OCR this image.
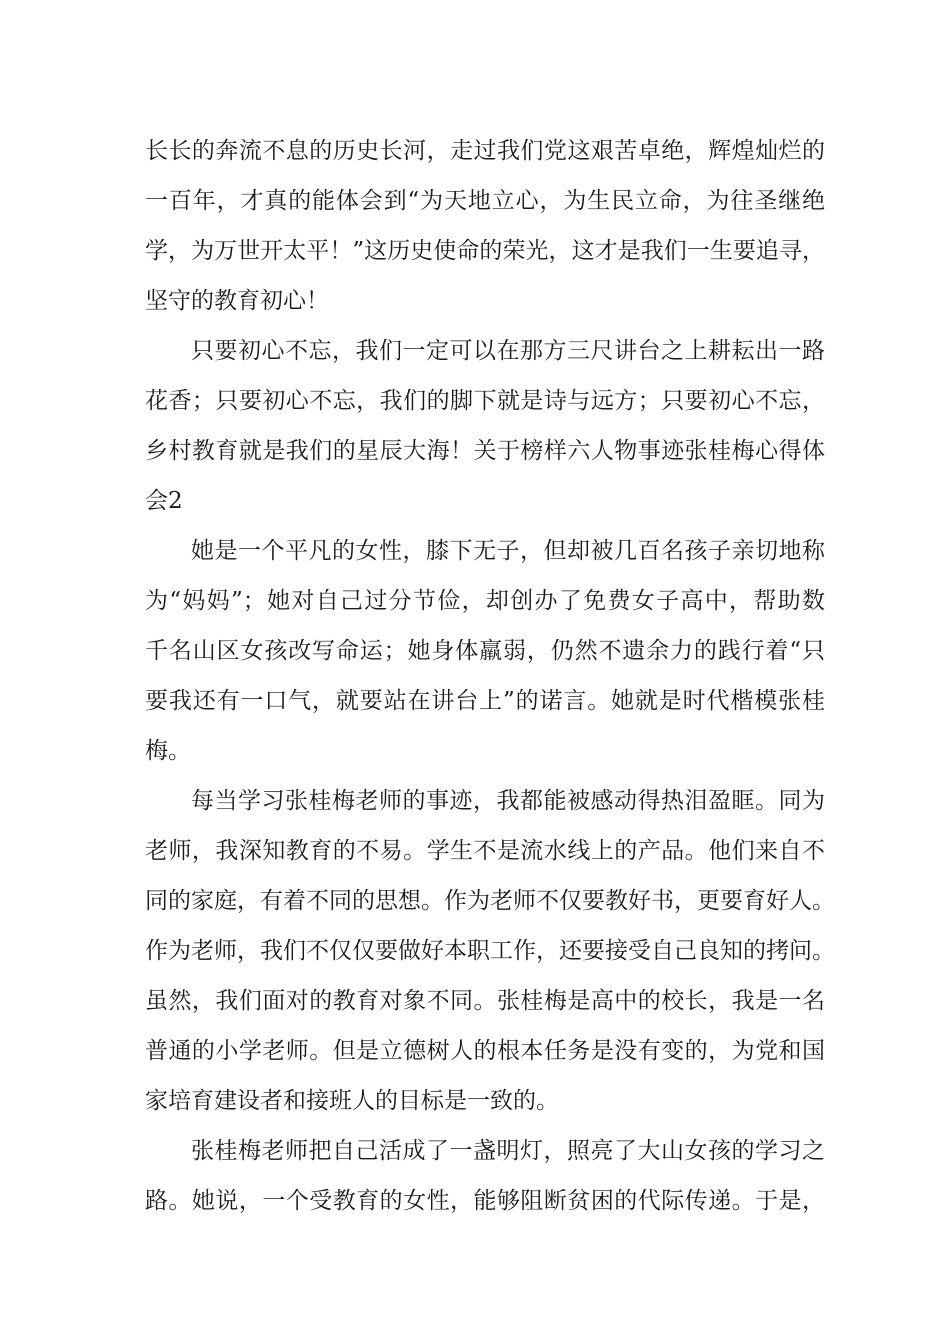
长长的奔流不息的历史长河，走过我们党这艰苦卓绝，辉煌灿烂的
一百年，才真的能体会到“为天地立心，为生民立命，为往圣继绝
学，为万世开太平！”这历史使命的荣光，这才是我们一生要追寻，
坚守的教育初心！
只要初心不忘，我们一定可以在那方三尺讲台之上耕耘出一路
花香；只要初心不忘，我们的脚下就是诗与远方；只要初心不忘，
乡村教育就是我们的星辰大海！关于榜样六人物事迹张桂梅心得体
会2
她是一个平凡的女性，膝下无子，但却被几百名孩子亲切地称
为“妈妈”；她对自己过分节俭，却创办了免费女子高中，帮助数
千名山区女孩改写命运；她身体羸弱，仍然不遗余力的践行着“只
要我还有一口气，就要站在讲台上”的诺言。她就是时代楷模张桂
梅。
每当学习张桂梅老师的事迹，我都能被感动得热泪盈眶。同为
老师，我深知教育的不易。学生不是流水线上的产品。他们来自不
同的家庭，有着不同的思想。作为老师不仅要教好书，更要育好人。
作为老师，我们不仅仅要做好本职工作，还要接受自己良知的拷问。
虽然，我们面对的教育对象不同。张桂梅是高中的校长，我是一名
普通的小学老师。但是立德树人的根本任务是没有变的，为党和国
家培育建设者和接班人的目标是一致的。
张桂梅老师把自己活成了一盏明灯，照亮了大山女孩的学习之
路。她说，一个受教育的女性，能够阻断贫困的代际传递。于是，
